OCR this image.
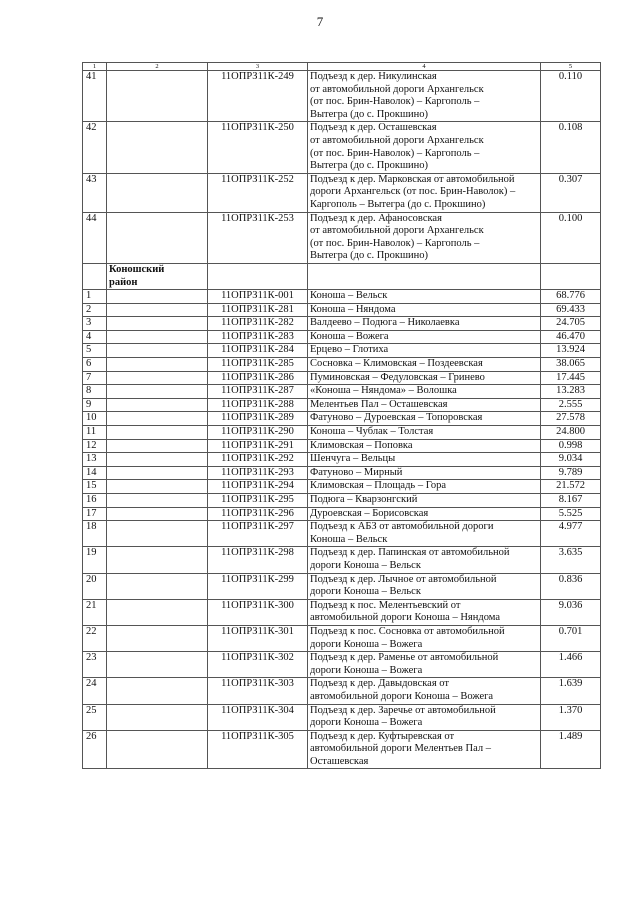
7
1	2	3	4	5
41		11ОПРЗ11К-249	Подъезд к дер. Никулинская
от автомобильной дороги Архангельск
(от пос. Брин-Наволок) – Каргополь –
Вытегра (до с. Прокшино)	0.110
42		11ОПРЗ11К-250	Подъезд к дер. Осташевская
от автомобильной дороги Архангельск
(от пос. Брин-Наволок) – Каргополь –
Вытегра (до с. Прокшино)	0.108
43		11ОПРЗ11К-252	Подъезд к дер. Марковская от автомобильной
дороги Архангельск (от пос. Брин-Наволок) –
Каргополь – Вытегра (до с. Прокшино)	0.307
44		11ОПРЗ11К-253	Подъезд к дер. Афаносовская
от автомобильной дороги Архангельск
(от пос. Брин-Наволок) – Каргополь –
Вытегра (до с. Прокшино)	0.100
	Коношский
район			
1		11ОПРЗ11К-001	Коноша – Вельск	68.776
2		11ОПРЗ11К-281	Коноша – Няндома	69.433
3		11ОПРЗ11К-282	Валдеево – Подюга – Николаевка	24.705
4		11ОПРЗ11К-283	Коноша – Вожега	46.470
5		11ОПРЗ11К-284	Ерцево – Глотиха	13.924
6		11ОПРЗ11К-285	Сосновка – Климовская – Поздеевская	38.065
7		11ОПРЗ11К-286	Пуминовская – Федуловская – Гринево	17.445
8		11ОПРЗ11К-287	«Коноша – Няндома» – Волошка	13.283
9		11ОПРЗ11К-288	Мелентьев Пал – Осташевская	2.555
10		11ОПРЗ11К-289	Фатуново – Дуроевская – Топоровская	27.578
11		11ОПРЗ11К-290	Коноша – Чублак – Толстая	24.800
12		11ОПРЗ11К-291	Климовская – Поповка	0.998
13		11ОПРЗ11К-292	Шенчуга – Вельцы	9.034
14		11ОПРЗ11К-293	Фатуново – Мирный	9.789
15		11ОПРЗ11К-294	Климовская – Площадь – Гора	21.572
16		11ОПРЗ11К-295	Подюга – Кварзонгский	8.167
17		11ОПРЗ11К-296	Дуроевская – Борисовская	5.525
18		11ОПРЗ11К-297	Подъезд к АБЗ от автомобильной дороги
Коноша – Вельск	4.977
19		11ОПРЗ11К-298	Подъезд к дер. Папинская от автомобильной
дороги Коноша – Вельск	3.635
20		11ОПРЗ11К-299	Подъезд к дер. Лычное от автомобильной
дороги Коноша – Вельск	0.836
21		11ОПРЗ11К-300	Подъезд к пос. Мелентьевский от
автомобильной дороги Коноша – Няндома	9.036
22		11ОПРЗ11К-301	Подъезд к пос. Сосновка от автомобильной
дороги Коноша – Вожега	0.701
23		11ОПРЗ11К-302	Подъезд к дер. Раменье от автомобильной
дороги Коноша – Вожега	1.466
24		11ОПРЗ11К-303	Подъезд к дер. Давыдовская от
автомобильной дороги Коноша – Вожега	1.639
25		11ОПРЗ11К-304	Подъезд к дер. Заречье от автомобильной
дороги Коноша – Вожега	1.370
26		11ОПРЗ11К-305	Подъезд к дер. Куфтыревская от
автомобильной дороги Мелентьев Пал –
Осташевская	1.489
